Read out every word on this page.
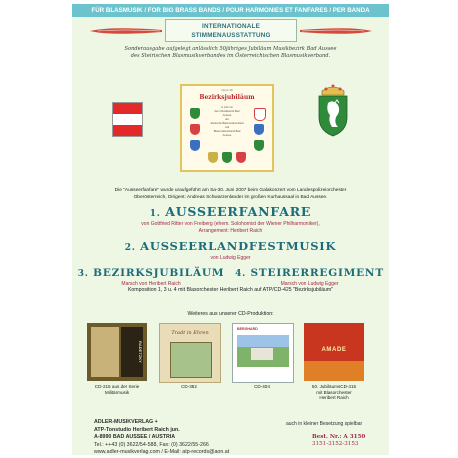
FÜR BLASMUSIK / FOR BIG BRASS BANDS / POUR HARMONIES ET FANFARES / PER BANDA
INTERNATIONALE
STIMMENAUSSTATTUNG
Sonderausgabe aufgelegt anlässlich 50jähriges Jubiläum Musikbezirk Bad Aussee
des Steirischen Blasmusikverbandes im Österreichischen Blasmusikverband.
Opus 18
Bezirksjubiläum
in sich mit
dem Musikbezirk Bad Aussee
der
Steirische Blasmusikverband
und
Blasmusikverband Bad Aussee
Die "Ausseerfanfare" wurde uraufgeführt am Sa-30. Juni 2007 beim Galakonzert vom Landespolizeiorchester
Oberösterreich, Dirigent: Andreas Schwarzenlander im großen Kurhaussaal in Bad Aussee.
1. AUSSEERFANFARE
von Gottfried Ritter von Freiberg (ehem. Solohornist der Wiener Philharmoniker),
Arrangement: Heribert Raich
2. AUSSEERLANDFESTMUSIK
von Ludwig Egger
3. BEZIRKSJUBILÄUM
Marsch von Heribert Raich
4. STEIRERREGIMENT
Marsch von Ludwig Egger
Komposition 1, 3 u. 4 mit Blasorchester Heribert Raich auf ATP/CD-425 "Bezirksjubiläum"
Weiteres aus unserer CD-Produktion:
RADETZKY
Tradt in Ehren
BERGHARD
AMADE
CD-215 aus der Serie
Militärmusik
CD-382	CD-404	50. JubiläumsCD-415
mit Blasorchester
Heribert Raich
ADLER-MUSIKVERLAG +
ATP-Tonstudio Heribert Raich jun.
A-8990 BAD AUSSEE / AUSTRIA
Tel.: ++43 (0) 3622/54-588, Fax: (0) 3622/55-266
www.adler-musikverlag.com / E-Mail: atp-records@aon.at
auch in kleiner Besetzung spielbar
Best. Nr.: A 3150
3151-3152-3153
